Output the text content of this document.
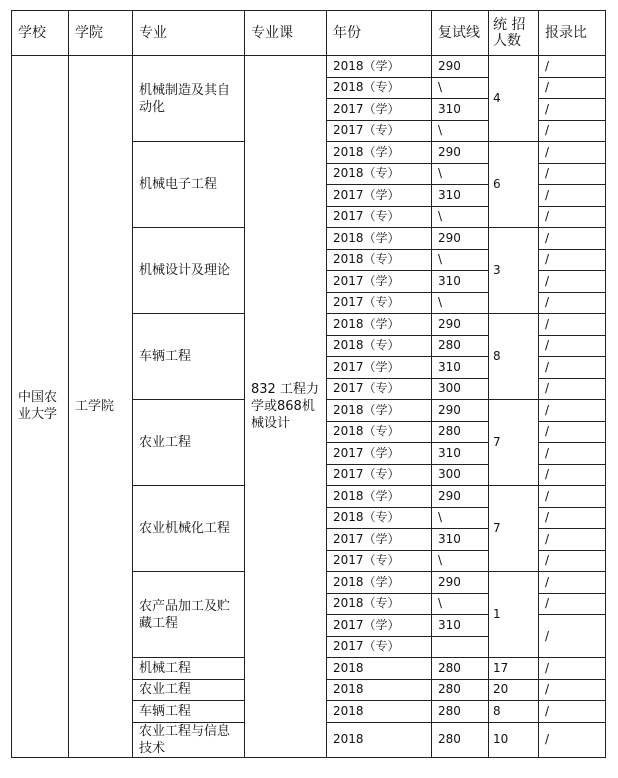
学校	学院	专业	专业课	年份	复试线	统 招 人数	报录比
中国农业大学	工学院	机械制造及其自动化	832 工程力学或868机械设计	2018（学）	290	4	/
				2018（专）	\		/
				2017（学）	310		/
				2017（专）	\		/
		机械电子工程		2018（学）	290	6	/
				2018（专）	\		/
				2017（学）	310		/
				2017（专）	\		/
		机械设计及理论		2018（学）	290	3	/
				2018（专）	\		/
				2017（学）	310		/
				2017（专）	\		/
		车辆工程		2018（学）	290	8	/
				2018（专）	280		/
				2017（学）	310		/
				2017（专）	300		/
		农业工程		2018（学）	290	7	/
				2018（专）	280		/
				2017（学）	310		/
				2017（专）	300		/
		农业机械化工程		2018（学）	290	7	/
				2018（专）	\		/
				2017（学）	310		/
				2017（专）	\		/
		农产品加工及贮藏工程		2018（学）	290	1	/
				2018（专）	\		/
				2017（学）	310		/
				2017（专）			
		机械工程		2018	280	17	/
		农业工程		2018	280	20	/
		车辆工程		2018	280	8	/
		农业工程与信息技术		2018	280	10	/
